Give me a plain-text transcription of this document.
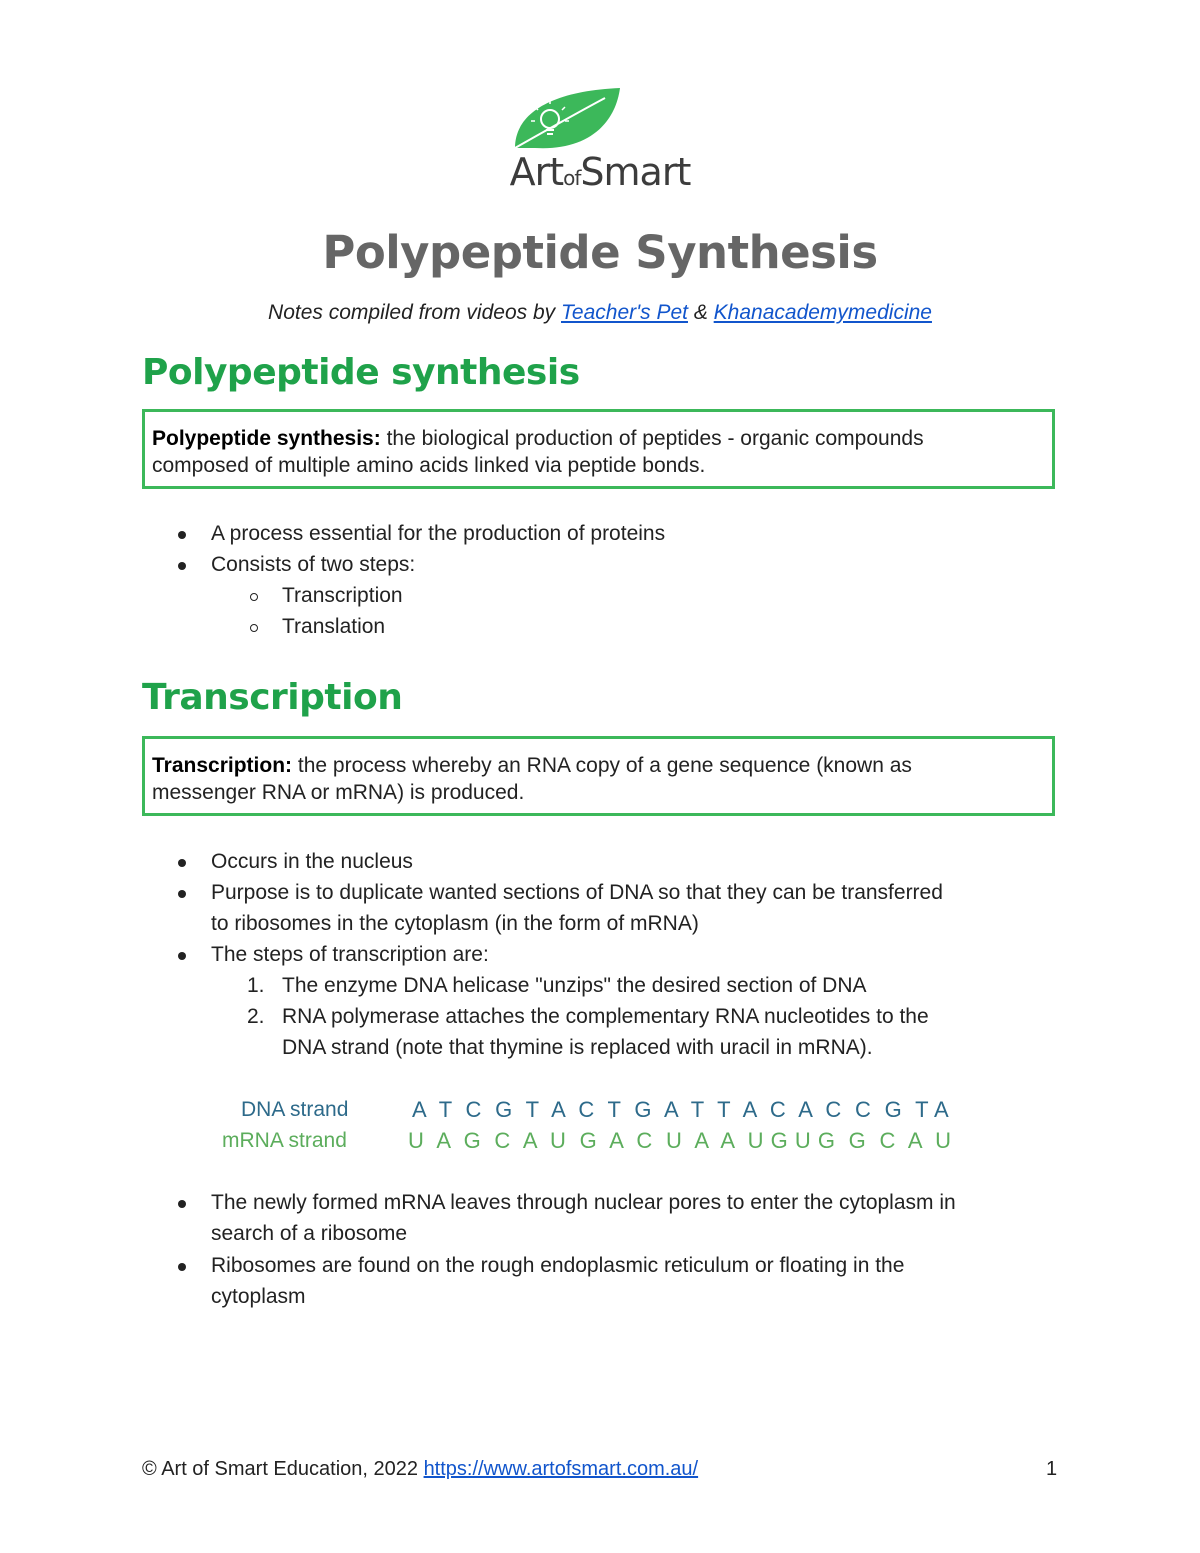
ArtofSmart
Polypeptide Synthesis
Notes compiled from videos by Teacher's Pet & Khanacademymedicine
Polypeptide synthesis
Polypeptide synthesis: the biological production of peptides - organic compounds
composed of multiple amino acids linked via peptide bonds.
A process essential for the production of proteins
Consists of two steps:
Transcription
Translation
Transcription
Transcription: the process whereby an RNA copy of a gene sequence (known as
messenger RNA or mRNA) is produced.
Occurs in the nucleus
Purpose is to duplicate wanted sections of DNA so that they can be transferred
to ribosomes in the cytoplasm (in the form of mRNA)
The steps of transcription are:
1. The enzyme DNA helicase "unzips" the desired section of DNA
2. RNA polymerase attaches the complementary RNA nucleotides to the
DNA strand (note that thymine is replaced with uracil in mRNA).
DNA strand	A  T  C  G  T  A  C  T  G  A  T  T  A  C  A  C  C  G  T A
mRNA strand	U  A  G  C  A  U  G  A  C  U  A  A  U G U G  G  C  A  U
The newly formed mRNA leaves through nuclear pores to enter the cytoplasm in
search of a ribosome
Ribosomes are found on the rough endoplasmic reticulum or floating in the
cytoplasm
© Art of Smart Education, 2022 https://www.artofsmart.com.au/	1
